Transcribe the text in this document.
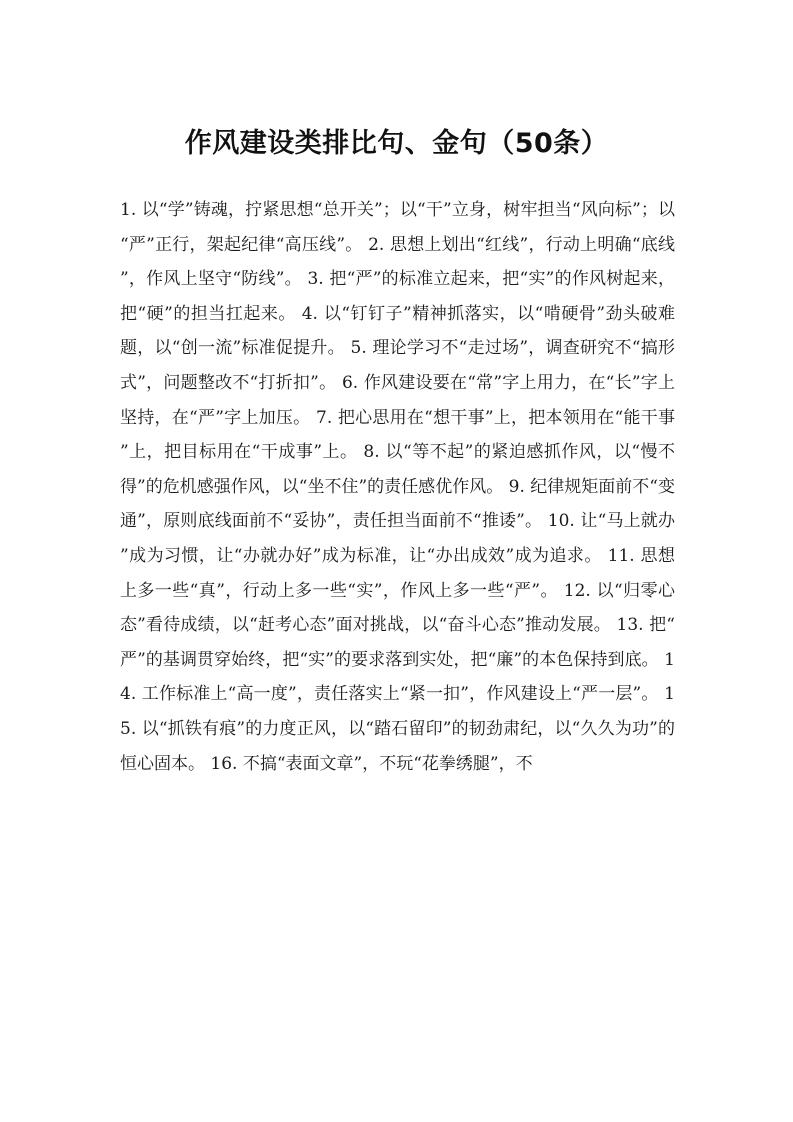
作风建设类排比句、金句（50条）

1. 以“学”铸魂，拧紧思想“总开关”；以“干”立身，树牢担当“风向标”；以“严”正行，架起纪律“高压线”。 2. 思想上划出“红线”，行动上明确“底线”，作风上坚守“防线”。 3. 把“严”的标准立起来，把“实”的作风树起来，把“硬”的担当扛起来。 4. 以“钉钉子”精神抓落实，以“啃硬骨”劲头破难题，以“创一流”标准促提升。 5. 理论学习不“走过场”，调查研究不“搞形式”，问题整改不“打折扣”。 6. 作风建设要在“常”字上用力，在“长”字上坚持，在“严”字上加压。 7. 把心思用在“想干事”上，把本领用在“能干事”上，把目标用在“干成事”上。 8. 以“等不起”的紧迫感抓作风，以“慢不得”的危机感强作风，以“坐不住”的责任感优作风。 9. 纪律规矩面前不“变通”，原则底线面前不“妥协”，责任担当面前不“推诿”。 10. 让“马上就办”成为习惯，让“办就办好”成为标准，让“办出成效”成为追求。 11. 思想上多一些“真”，行动上多一些“实”，作风上多一些“严”。 12. 以“归零心态”看待成绩，以“赶考心态”面对挑战，以“奋斗心态”推动发展。 13. 把“严”的基调贯穿始终，把“实”的要求落到实处，把“廉”的本色保持到底。 14. 工作标准上“高一度”，责任落实上“紧一扣”，作风建设上“严一层”。 15. 以“抓铁有痕”的力度正风，以“踏石留印”的韧劲肃纪，以“久久为功”的恒心固本。 16. 不搞“表面文章”，不玩“花拳绣腿”，不
